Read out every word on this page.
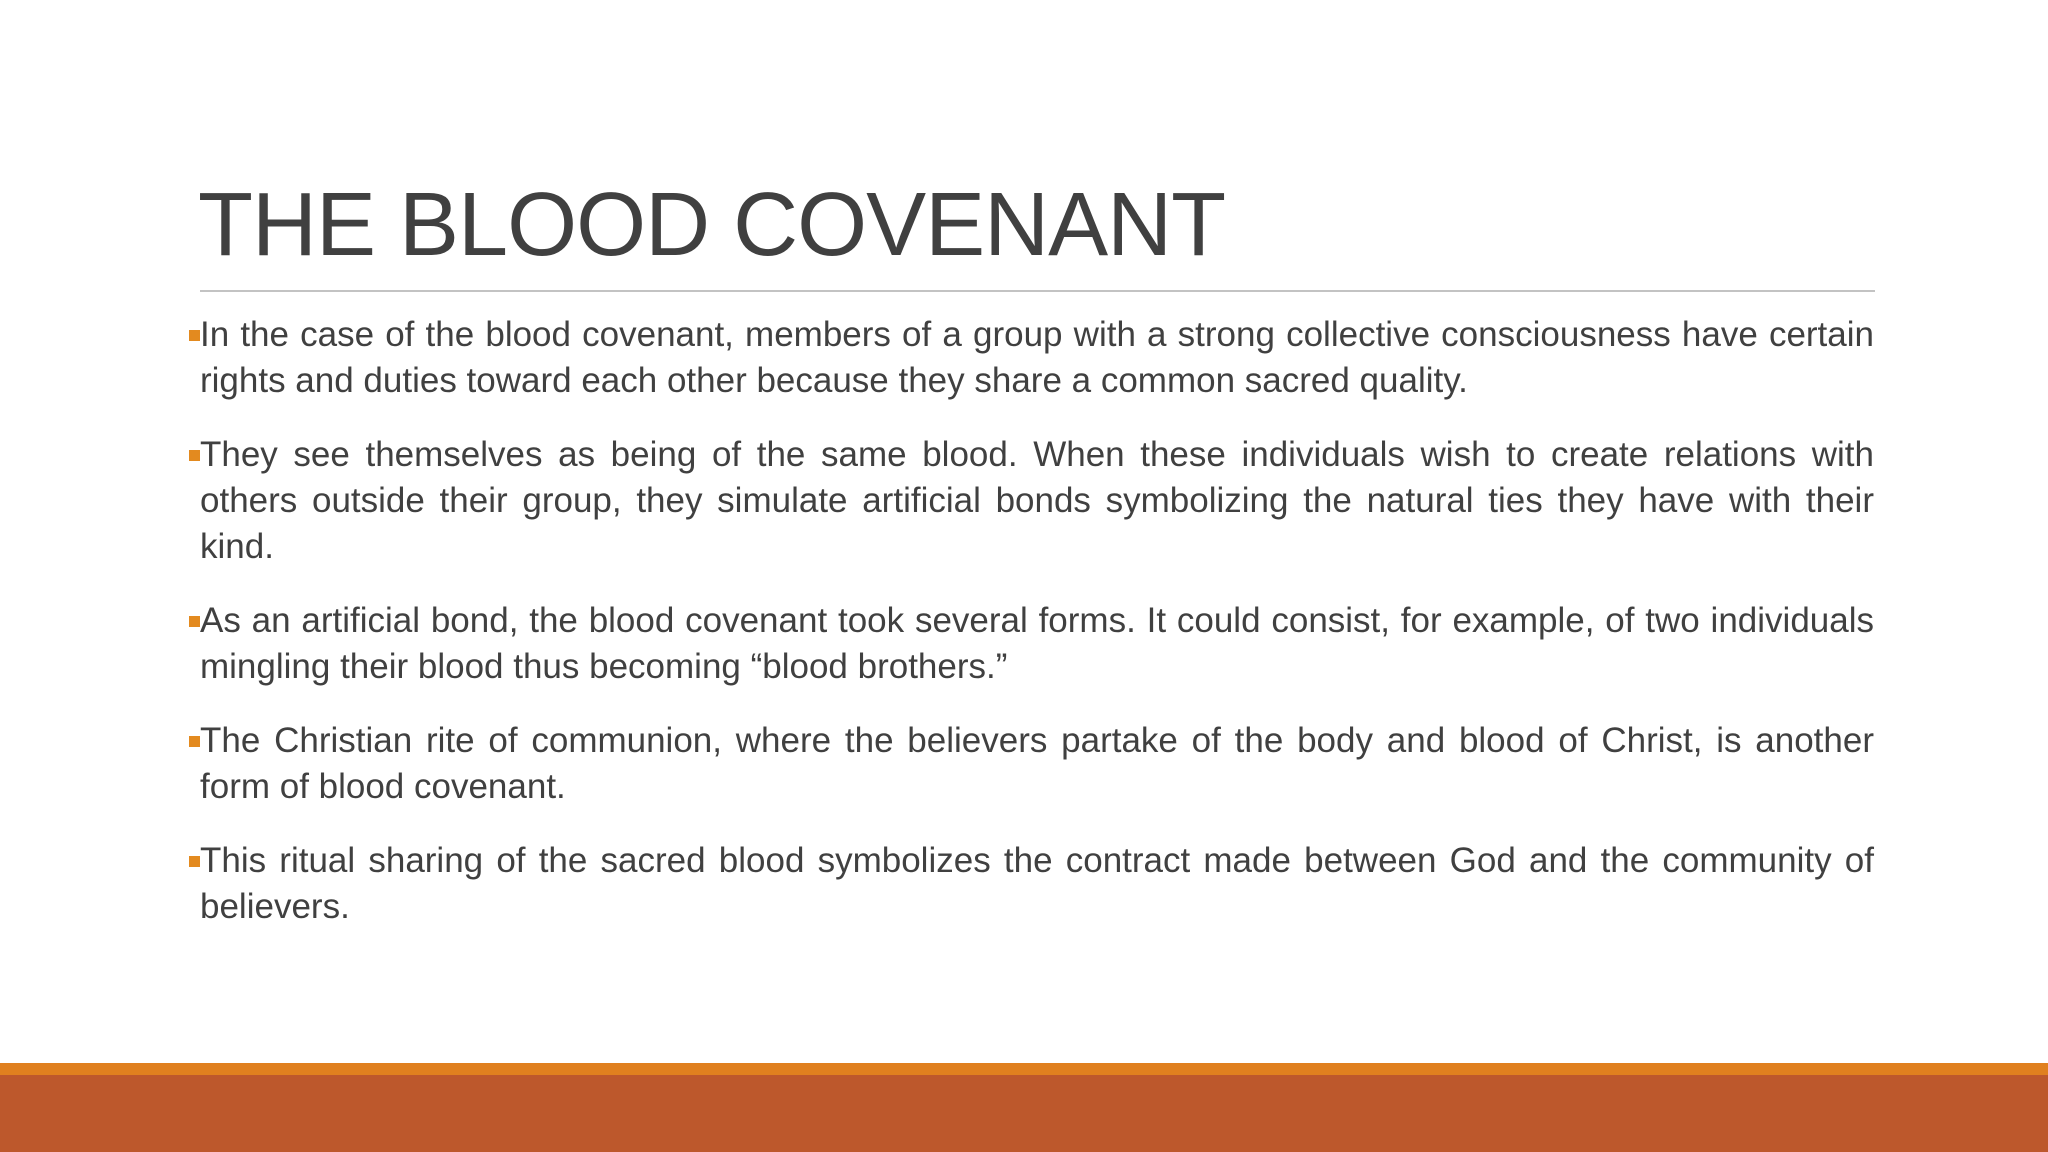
THE BLOOD COVENANT

In the case of the blood covenant, members of a group with a strong collective consciousness have certain rights and duties toward each other because they share a common sacred quality.

They see themselves as being of the same blood. When these individuals wish to create relations with others outside their group, they simulate artificial bonds symbolizing the natural ties they have with their kind.

As an artificial bond, the blood covenant took several forms. It could consist, for example, of two individuals mingling their blood thus becoming “blood brothers.”

The Christian rite of communion, where the believers partake of the body and blood of Christ, is another form of blood covenant.

This ritual sharing of the sacred blood symbolizes the contract made between God and the community of believers.
